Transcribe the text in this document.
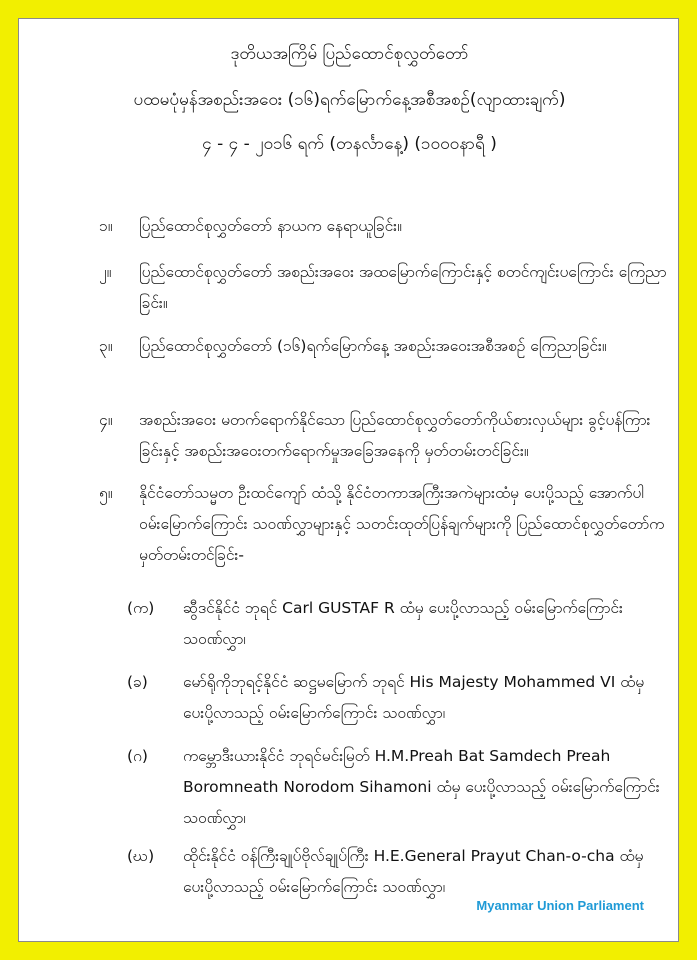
ဒုတိယအကြိမ် ပြည်ထောင်စုလွှတ်တော်
ပထမပုံမှန်အစည်းအဝေး (၁၆)ရက်မြောက်နေ့အစီအစဉ်(လျာထားချက်)
၄ - ၄ - ၂၀၁၆ ရက် (တနင်္လာနေ့) (၁၀၀၀နာရီ )
၁။	ပြည်ထောင်စုလွှတ်တော် နာယက နေရာယူခြင်း။
၂။	ပြည်ထောင်စုလွှတ်တော် အစည်းအဝေး အထမြောက်ကြောင်းနှင့် စတင်ကျင်းပကြောင်း ကြေညာခြင်း။
၃။	ပြည်ထောင်စုလွှတ်တော် (၁၆)ရက်မြောက်နေ့ အစည်းအဝေးအစီအစဉ် ကြေညာခြင်း။
၄။	အစည်းအဝေး မတက်ရောက်နိုင်သော ပြည်ထောင်စုလွှတ်တော်ကိုယ်စားလှယ်များ ခွင့်ပန်ကြားခြင်းနှင့် အစည်းအဝေးတက်ရောက်မှုအခြေအနေကို မှတ်တမ်းတင်ခြင်း။
၅။	နိုင်ငံတော်သမ္မတ ဦးထင်ကျော် ထံသို့ နိုင်ငံတကာအကြီးအကဲများထံမှ ပေးပို့သည့် အောက်ပါ ဝမ်းမြောက်ကြောင်း သဝဏ်လွှာများနှင့် သတင်းထုတ်ပြန်ချက်များကို ပြည်ထောင်စုလွှတ်တော်က မှတ်တမ်းတင်ခြင်း-
(က)	ဆွီဒင်နိုင်ငံ ဘုရင် Carl GUSTAF R ထံမှ ပေးပို့လာသည့် ဝမ်းမြောက်ကြောင်း သဝဏ်လွှာ၊
(ခ)	မော်ရိုကိုဘုရင့်နိုင်ငံ ဆဋ္ဌမမြောက် ဘုရင် His Majesty Mohammed VI ထံမှ ပေးပို့လာသည့် ဝမ်းမြောက်ကြောင်း သဝဏ်လွှာ၊
(ဂ)	ကမ္ဘောဒီးယားနိုင်ငံ ဘုရင်မင်းမြတ် H.M.Preah Bat Samdech Preah Boromneath Norodom Sihamoni ထံမှ ပေးပို့လာသည့် ဝမ်းမြောက်ကြောင်း သဝဏ်လွှာ၊
(ဃ)	ထိုင်းနိုင်ငံ ဝန်ကြီးချုပ်ဗိုလ်ချုပ်ကြီး H.E.General Prayut Chan-o-cha ထံမှ ပေးပို့လာသည့် ဝမ်းမြောက်ကြောင်း သဝဏ်လွှာ၊
Myanmar Union Parliament
